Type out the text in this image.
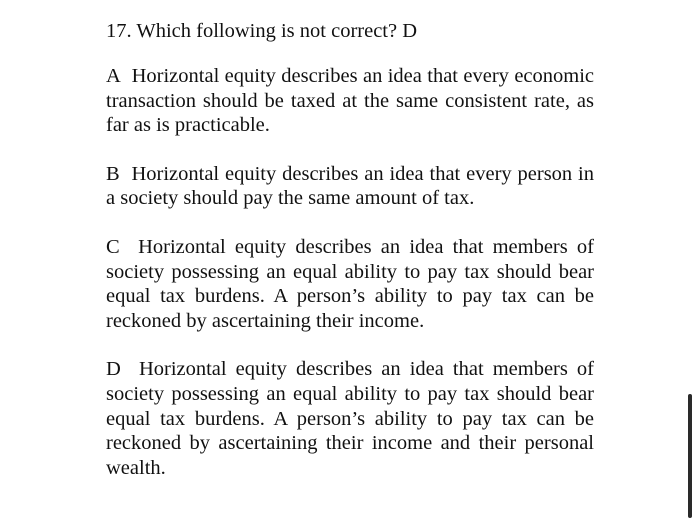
17. Which following is not correct? D

A Horizontal equity describes an idea that every economic transaction should be taxed at the same consistent rate, as far as is practicable.

B Horizontal equity describes an idea that every person in a society should pay the same amount of tax.

C Horizontal equity describes an idea that members of society possessing an equal ability to pay tax should bear equal tax burdens. A person’s ability to pay tax can be reckoned by ascertaining their income.

D Horizontal equity describes an idea that members of society possessing an equal ability to pay tax should bear equal tax burdens. A person’s ability to pay tax can be reckoned by ascertaining their income and their personal wealth.
